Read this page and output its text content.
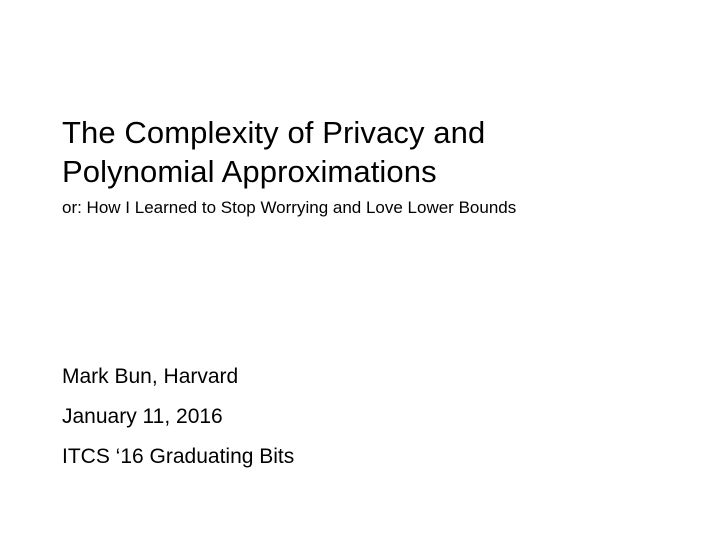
The Complexity of Privacy and
Polynomial Approximations
or: How I Learned to Stop Worrying and Love Lower Bounds
Mark Bun, Harvard
January 11, 2016
ITCS ‘16 Graduating Bits
